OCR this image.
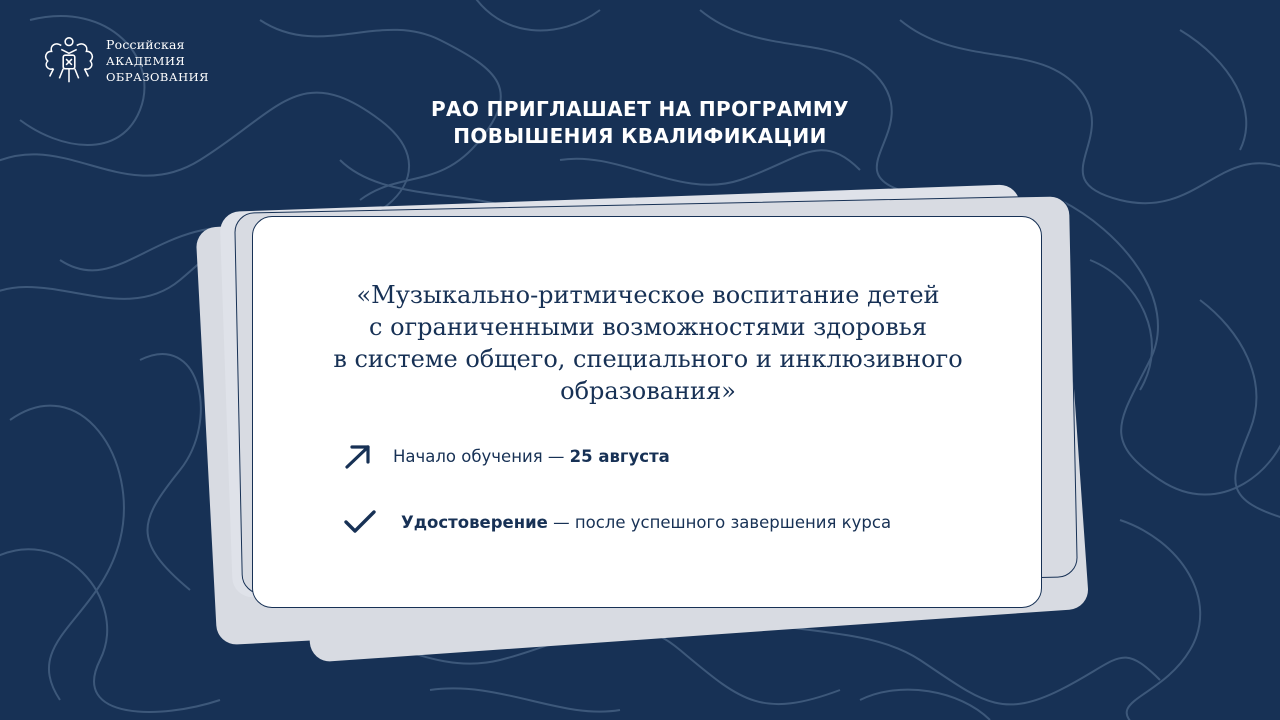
Российская
АКАДЕМИЯ
ОБРАЗОВАНИЯ
РАО ПРИГЛАШАЕТ НА ПРОГРАММУ
ПОВЫШЕНИЯ КВАЛИФИКАЦИИ
«Музыкально-ритмическое воспитание детей
с ограниченными возможностями здоровья
в системе общего, специального и инклюзивного
образования»
Начало обучения — 25 августа
Удостоверение — после успешного завершения курса
